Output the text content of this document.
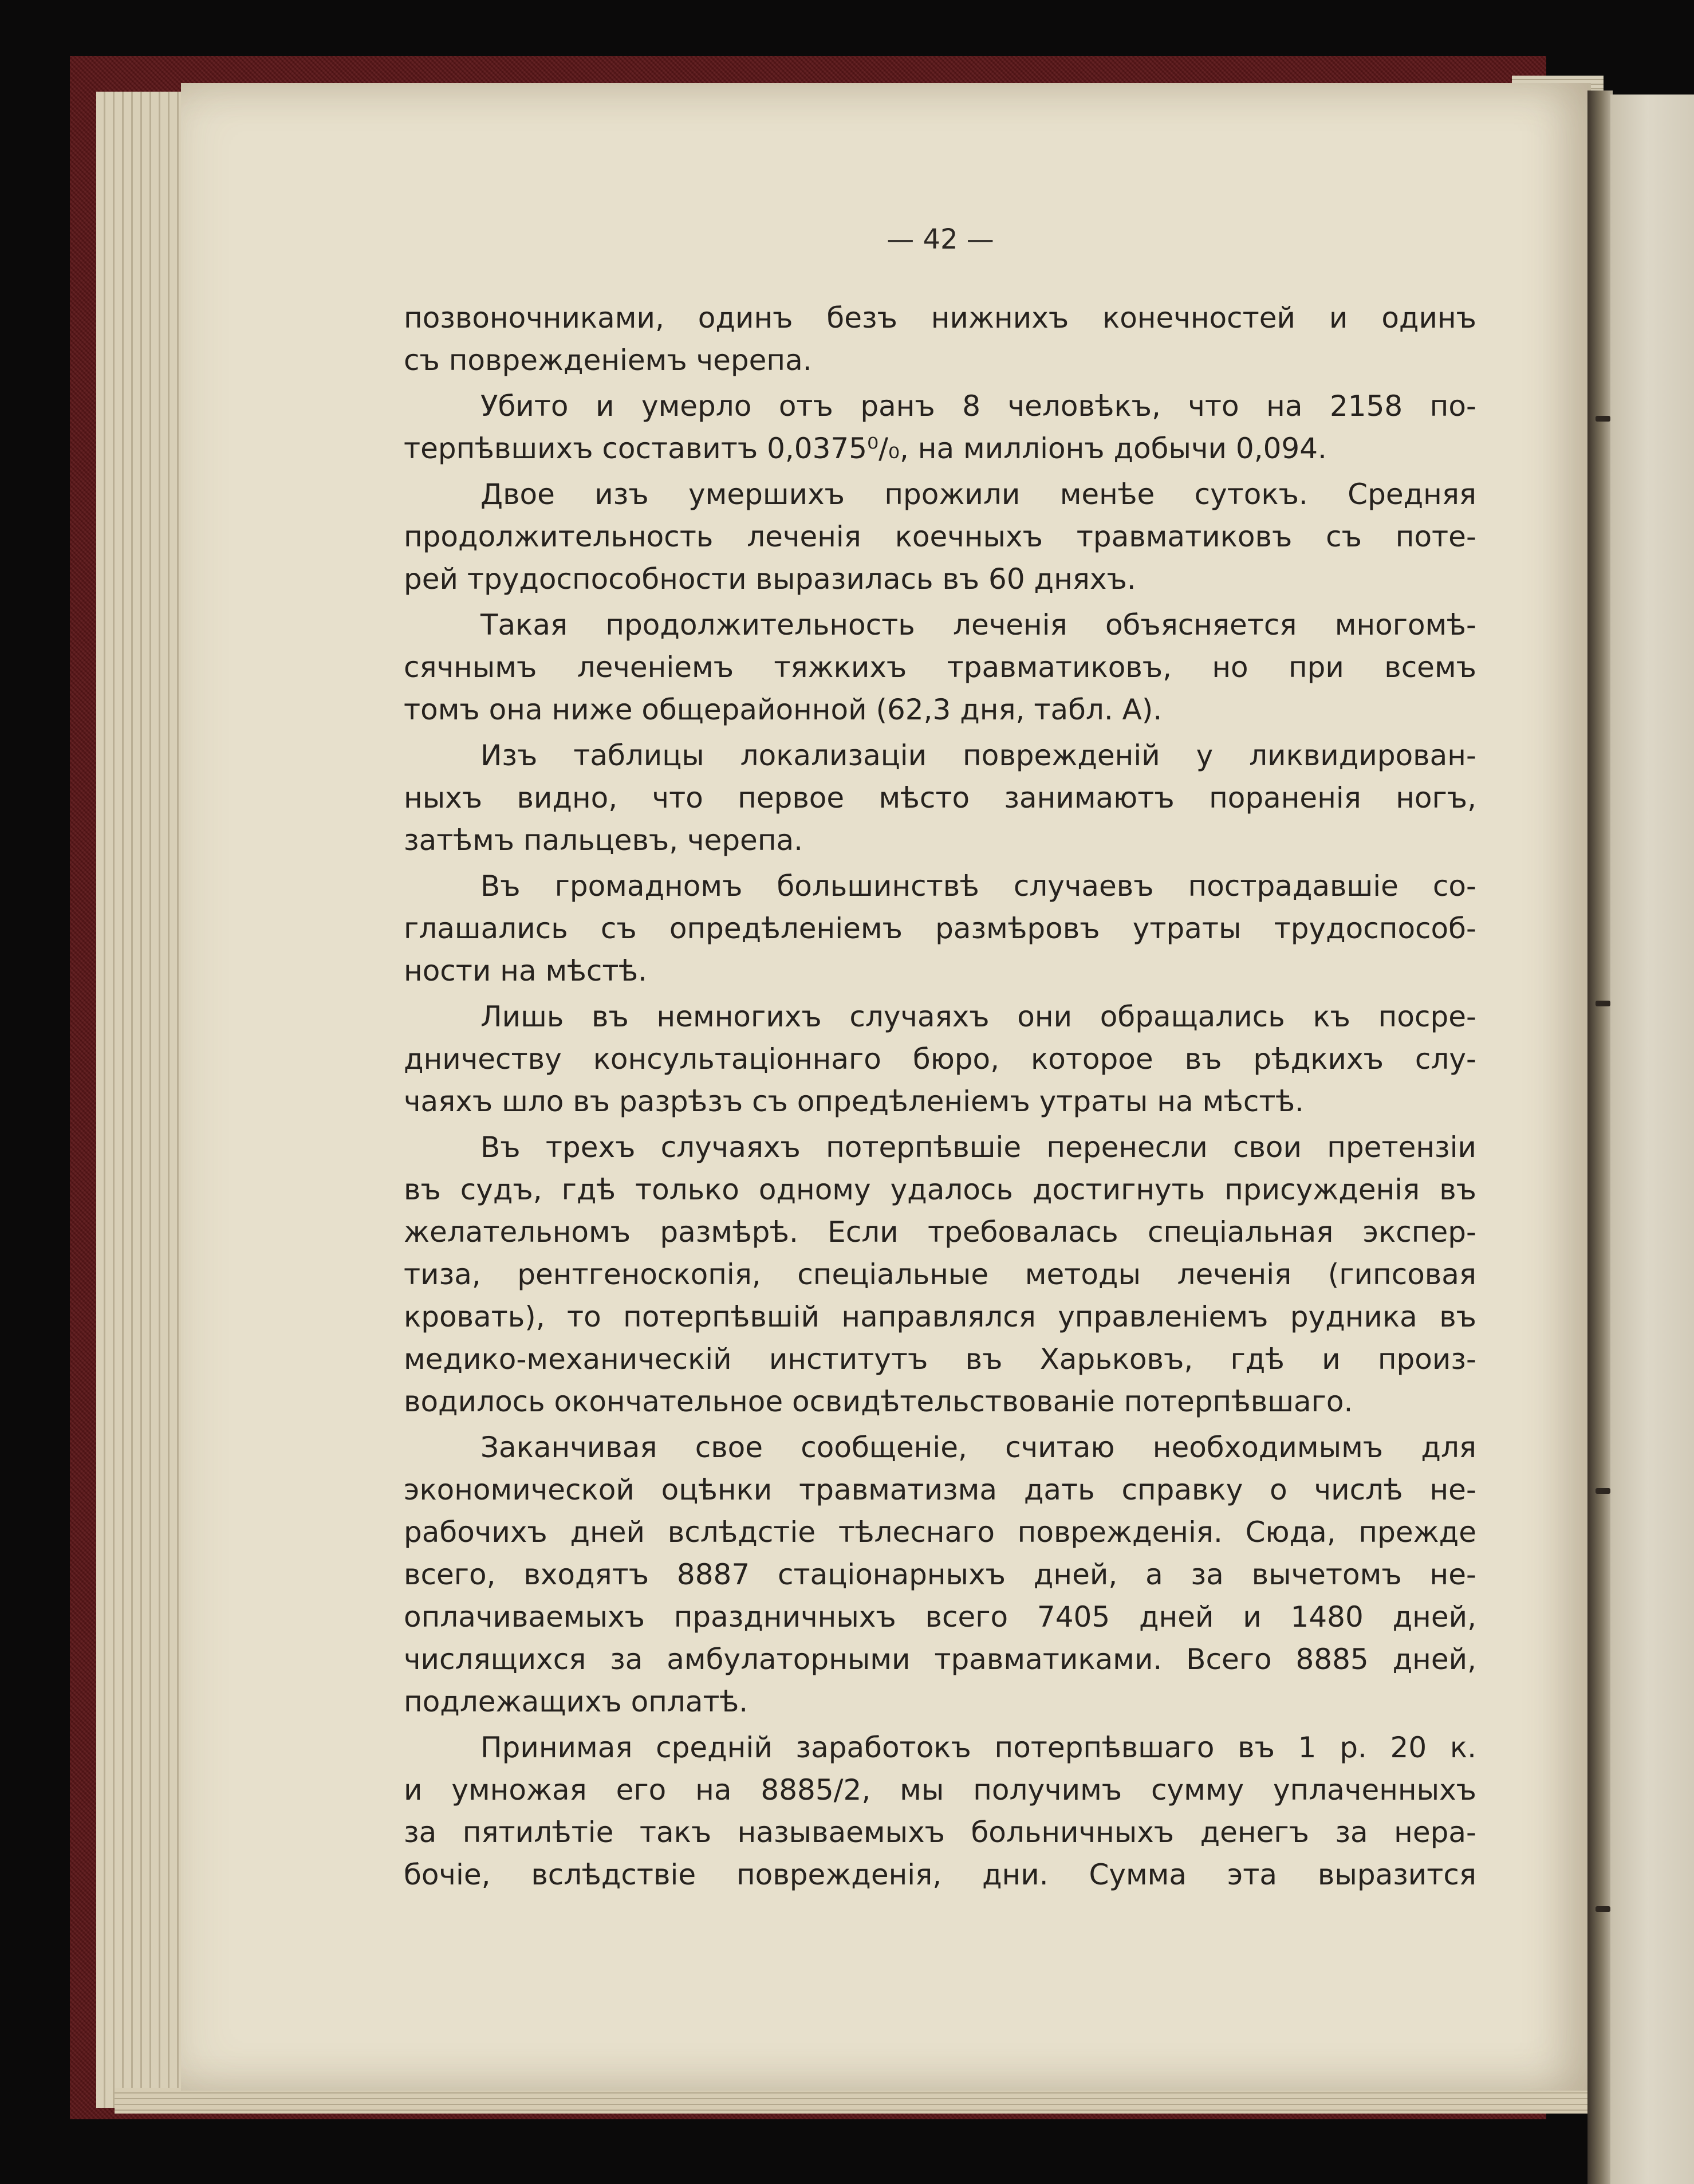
— 42 —
позвоночниками, одинъ безъ нижнихъ конечностей и одинъ
съ поврежденіемъ черепа.
Убито и умерло отъ ранъ 8 человѣкъ, что на 2158 по-
терпѣвшихъ составитъ 0,0375⁰/₀, на милліонъ добычи 0,094.
Двое изъ умершихъ прожили менѣе сутокъ. Средняя
продолжительность леченія коечныхъ травматиковъ съ поте-
рей трудоспособности выразилась въ 60 дняхъ.
Такая продолжительность леченія объясняется многомѣ-
сячнымъ леченіемъ тяжкихъ травматиковъ, но при всемъ
томъ она ниже общерайонной (62,3 дня, табл. А).
Изъ таблицы локализаціи поврежденій у ликвидирован-
ныхъ видно, что первое мѣсто занимаютъ пораненія ногъ,
затѣмъ пальцевъ, черепа.
Въ громадномъ большинствѣ случаевъ пострадавшіе со-
глашались съ опредѣленіемъ размѣровъ утраты трудоспособ-
ности на мѣстѣ.
Лишь въ немногихъ случаяхъ они обращались къ посре-
дничеству консультаціоннаго бюро, которое въ рѣдкихъ слу-
чаяхъ шло въ разрѣзъ съ опредѣленіемъ утраты на мѣстѣ.
Въ трехъ случаяхъ потерпѣвшіе перенесли свои претензіи
въ судъ, гдѣ только одному удалось достигнуть присужденія въ
желательномъ размѣрѣ. Если требовалась спеціальная экспер-
тиза, рентгеноскопія, спеціальные методы леченія (гипсовая
кровать), то потерпѣвшій направлялся управленіемъ рудника въ
медико-механическій институтъ въ Харьковъ, гдѣ и произ-
водилось окончательное освидѣтельствованіе потерпѣвшаго.
Заканчивая свое сообщеніе, считаю необходимымъ для
экономической оцѣнки травматизма дать справку о числѣ не-
рабочихъ дней вслѣдстіе тѣлеснаго поврежденія. Сюда, прежде
всего, входятъ 8887 стаціонарныхъ дней, а за вычетомъ не-
оплачиваемыхъ праздничныхъ всего 7405 дней и 1480 дней,
числящихся за амбулаторными травматиками. Всего 8885 дней,
подлежащихъ оплатѣ.
Принимая средній заработокъ потерпѣвшаго въ 1 р. 20 к.
и умножая его на 8885/2, мы получимъ сумму уплаченныхъ
за пятилѣтіе такъ называемыхъ больничныхъ денегъ за нера-
бочіе, вслѣдствіе поврежденія, дни. Сумма эта выразится
